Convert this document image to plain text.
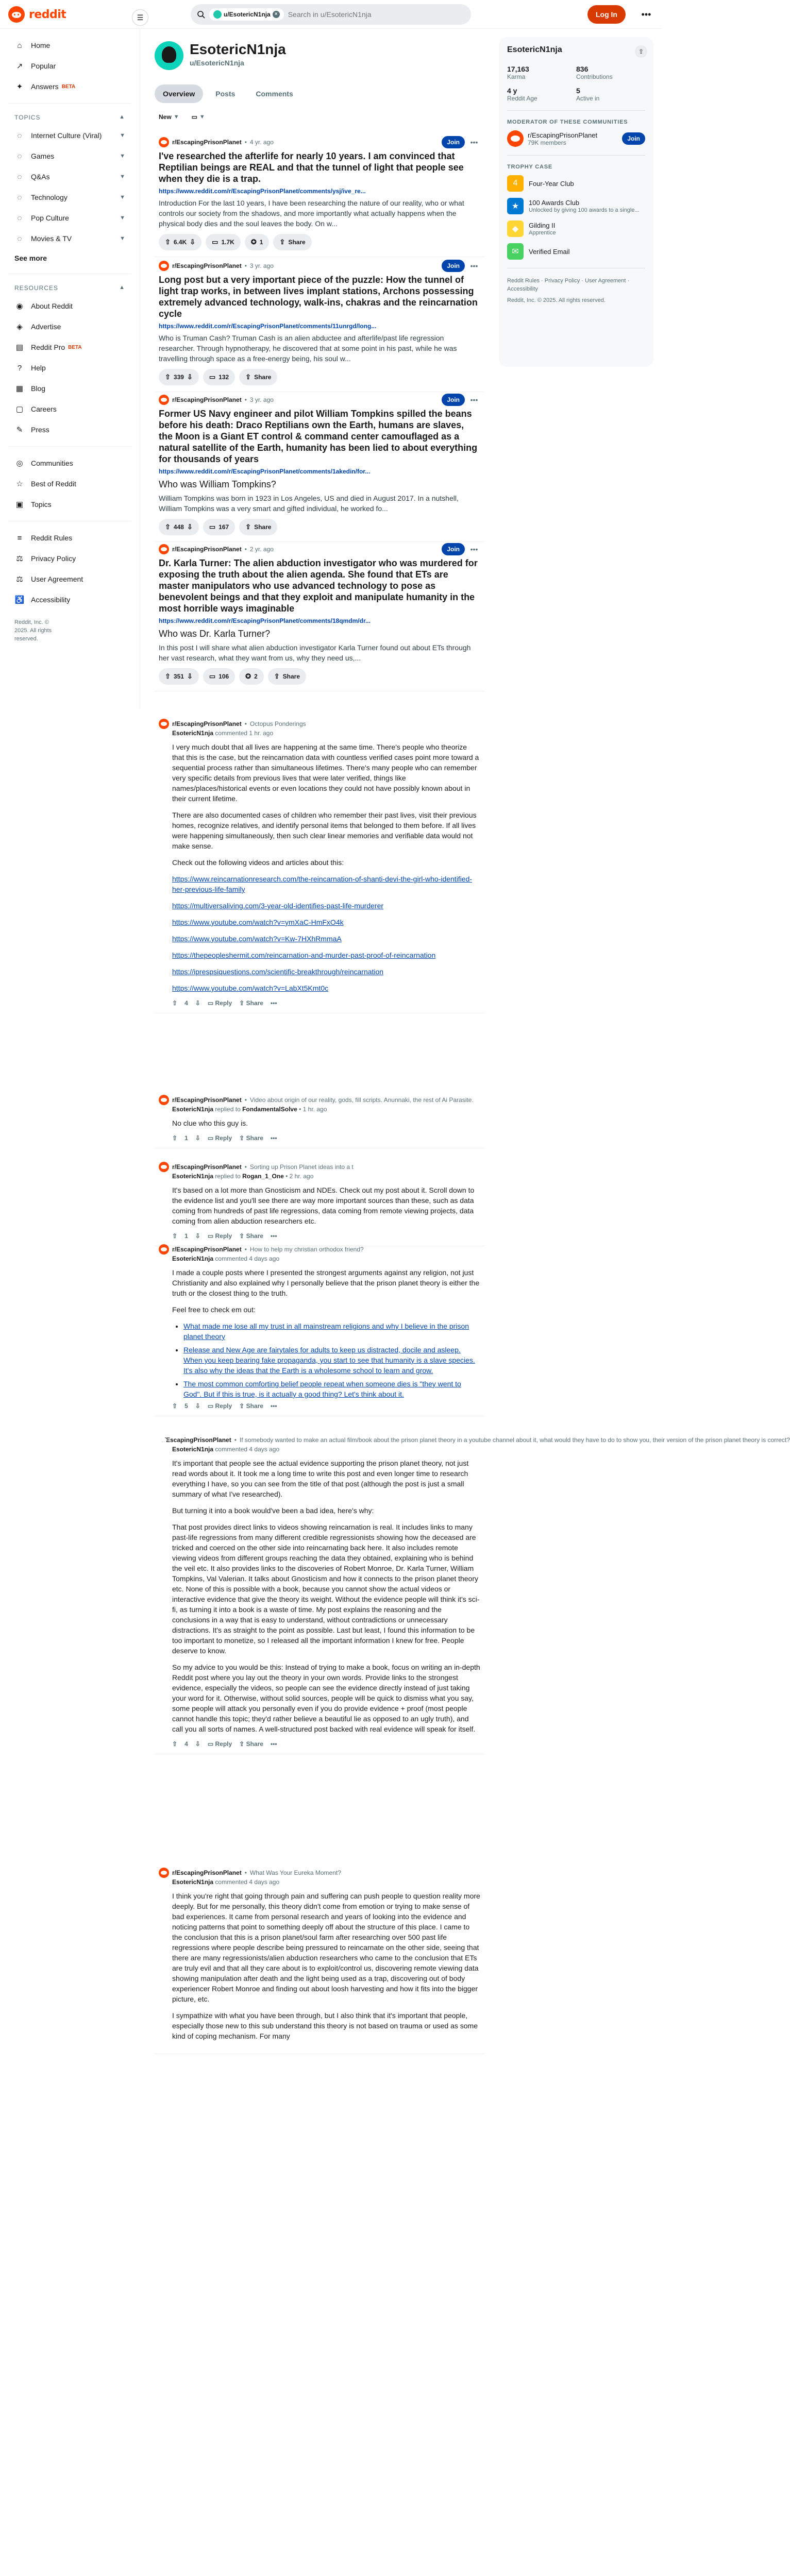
reddit	u/EsotericN1nja ×
Search in u/EsotericN1nja	Log In	•••
⌂	Home
↗ Popular
✦ Answers BETA
TOPICS	▲
◌	Internet Culture (Viral)	▼
◌	Games	▼
◌	Q&As	▼
◌	Technology	▼
◌	Pop Culture	▼
◌	Movies & TV	▼
See more
RESOURCES	▲
◉ About Reddit
◈	Advertise
▤ Reddit Pro BETA
?	Help
▦ Blog
▢ Careers
✎ Press
◎ Communities
☆ Best of Reddit
▣ Topics
≡	Reddit Rules
⚖ Privacy Policy
⚖ User Agreement
♿ Accessibility
Reddit, Inc. © 2025. All rights reserved.
☰
EsotericN1nja
u/EsotericN1nja
Overview	Posts	Comments
New ▼ ▭ ▼
r/EscapingPrisonPlanet • 4 yr. ago	Join	•••
I've researched the afterlife for nearly 10 years. I am convinced that Reptilian beings are REAL and that the tunnel of light that people see when they die is a trap.
https://www.reddit.com/r/EscapingPrisonPlanet/comments/ysj/ive_re...
Introduction For the last 10 years, I have been researching the nature of our reality, who or what controls our society from the shadows, and more importantly what actually happens when the physical body dies and the soul leaves the body. On w...
⇧ 6.4K ⇩ ▭ 1.7K ✪ 1 ⇪ Share
r/EscapingPrisonPlanet • 3 yr. ago	Join	•••
Long post but a very important piece of the puzzle: How the tunnel of light trap works, in between lives implant stations, Archons possessing extremely advanced technology, walk-ins, chakras and the reincarnation cycle
https://www.reddit.com/r/EscapingPrisonPlanet/comments/11unrgd/long...
Who is Truman Cash? Truman Cash is an alien abductee and afterlife/past life regression researcher. Through hypnotherapy, he discovered that at some point in his past, while he was travelling through space as a free-energy being, his soul w...
⇧ 339 ⇩ ▭ 132 ⇪ Share
r/EscapingPrisonPlanet • 3 yr. ago	Join	•••
Former US Navy engineer and pilot William Tompkins spilled the beans before his death: Draco Reptilians own the Earth, humans are slaves, the Moon is a Giant ET control & command center camouflaged as a natural satellite of the Earth, humanity has been lied to about everything for thousands of years
https://www.reddit.com/r/EscapingPrisonPlanet/comments/1akedin/for...
Who was William Tompkins?
William Tompkins was born in 1923 in Los Angeles, US and died in August 2017. In a nutshell, William Tompkins was a very smart and gifted individual, he worked fo...
⇧ 448 ⇩ ▭ 167 ⇪ Share
r/EscapingPrisonPlanet • 2 yr. ago	Join	•••
Dr. Karla Turner: The alien abduction investigator who was murdered for exposing the truth about the alien agenda. She found that ETs are master manipulators who use advanced technology to pose as benevolent beings and that they exploit and manipulate humanity in the most horrible ways imaginable
https://www.reddit.com/r/EscapingPrisonPlanet/comments/18qmdm/dr...
Who was Dr. Karla Turner?
In this post I will share what alien abduction investigator Karla Turner found out about ETs through her vast research, what they want from us, why they need us,...
⇧ 351 ⇩ ▭ 106 ✪ 2 ⇪ Share
r/EscapingPrisonPlanet • Octopus Ponderings
EsotericN1nja commented 1 hr. ago

I very much doubt that all lives are happening at the same time. There's people who theorize that this is the case, but the reincarnation data with countless verified cases point more toward a sequential process rather than simultaneous lifetimes. There's many people who can remember very specific details from previous lives that were later verified, things like names/places/historical events or even locations they could not have possibly known about in their current lifetime.

There are also documented cases of children who remember their past lives, visit their previous homes, recognize relatives, and identify personal items that belonged to them before. If all lives were happening simultaneously, then such clear linear memories and verifiable data would not make sense.

Check out the following videos and articles about this:

https://www.reincarnationresearch.com/the-reincarnation-of-shanti-devi-the-girl-who-identified-her-previous-life-family

https://multiversaliving.com/3-year-old-identifies-past-life-murderer

https://www.youtube.com/watch?v=ymXaC-HmFxO4k

https://www.youtube.com/watch?v=Kw-7HXhRmmaA

https://thepeopleshermit.com/reincarnation-and-murder-past-proof-of-reincarnation

https://iprespsiquestions.com/scientific-breakthrough/reincarnation

https://www.youtube.com/watch?v=LabXt5Kmt0c

⇧ 4 ⇩ ▭ Reply ⇪ Share •••
r/EscapingPrisonPlanet • Video about origin of our reality, gods, fill scripts. Anunnaki, the rest of Ai Parasite.
EsotericN1nja replied to FondamentalSolve • 1 hr. ago

No clue who this guy is.

⇧ 1 ⇩ ▭ Reply ⇪ Share •••
r/EscapingPrisonPlanet • Sorting up Prison Planet ideas into a t
EsotericN1nja replied to Rogan_1_One • 2 hr. ago

It's based on a lot more than Gnosticism and NDEs. Check out my post about it. Scroll down to the evidence list and you'll see there are way more important sources than these, such as data coming from hundreds of past life regressions, data coming from remote viewing projects, data coming from alien abduction researchers etc.

⇧ 1 ⇩ ▭ Reply ⇪ Share •••
r/EscapingPrisonPlanet • How to help my christian orthodox friend?
EsotericN1nja commented 4 days ago

I made a couple posts where I presented the strongest arguments against any religion, not just Christianity and also explained why I personally believe that the prison planet theory is either the truth or the closest thing to the truth.

Feel free to check em out:

• What made me lose all my trust in all mainstream religions and why I believe in the prison planet theory
• Release and New Age are fairytales for adults to keep us distracted, docile and asleep. When you keep bearing fake propaganda, you start to see that humanity is a slave species. It's also why the ideas that the Earth is a wholesome school to learn and grow.
• The most common comforting belief people repeat when someone dies is "they went to God". But if this is true, is it actually a good thing? Let's think about it.
⇧ 5 ⇩ ▭ Reply ⇪ Share •••
r/EscapingPrisonPlanet • If somebody wanted to make an actual film/book about the prison planet theory in a youtube channel about it, what would they have to do to show you, their version of the prison planet theory is correct?
EsotericN1nja commented 4 days ago

It's important that people see the actual evidence supporting the prison planet theory, not just read words about it. It took me a long time to write this post and even longer time to research everything I have, so you can see from the title of that post (although the post is just a small summary of what I've researched).

But turning it into a book would've been a bad idea, here's why:

That post provides direct links to videos showing reincarnation is real. It includes links to many past-life regressions from many different credible regressionists showing how the deceased are tricked and coerced on the other side into reincarnating back here. It also includes remote viewing videos from different groups reaching the data they obtained, explaining who is behind the veil etc. It also provides links to the discoveries of Robert Monroe, Dr. Karla Turner, William Tompkins, Val Valerian. It talks about Gnosticism and how it connects to the prison planet theory etc. None of this is possible with a book, because you cannot show the actual videos or interactive evidence that give the theory its weight. Without the evidence people will think it's sci-fi, as turning it into a book is a waste of time. My post explains the reasoning and the conclusions in a way that is easy to understand, without contradictions or unnecessary distractions. It's as straight to the point as possible. Last but least, I found this information to be too important to monetize, so I released all the important information I knew for free. People deserve to know.

So my advice to you would be this: Instead of trying to make a book, focus on writing an in-depth Reddit post where you lay out the theory in your own words. Provide links to the strongest evidence, especially the videos, so people can see the evidence directly instead of just taking your word for it. Otherwise, without solid sources, people will be quick to dismiss what you say, some people will attack you personally even if you do provide evidence + proof (most people cannot handle this topic; they'd rather believe a beautiful lie as opposed to an ugly truth), and call you all sorts of names. A well-structured post backed with real evidence will speak for itself.

⇧ 4 ⇩ ▭ Reply ⇪ Share •••
r/EscapingPrisonPlanet • What Was Your Eureka Moment?
EsotericN1nja commented 4 days ago

I think you're right that going through pain and suffering can push people to question reality more deeply. But for me personally, this theory didn't come from emotion or trying to make sense of bad experiences. It came from personal research and years of looking into the evidence and noticing patterns that point to something deeply off about the structure of this place. I came to the conclusion that this is a prison planet/soul farm after researching over 500 past life regressions where people describe being pressured to reincarnate on the other side, seeing that there are many regressionists/alien abduction researchers who came to the conclusion that ETs are truly evil and that all they care about is to exploit/control us, discovering remote viewing data showing manipulation after death and the light being used as a trap, discovering out of body experiencer Robert Monroe and finding out about loosh harvesting and how it fits into the bigger picture, etc.

I sympathize with what you have been through, but I also think that it's important that people, especially those new to this sub understand this theory is not based on trauma or used as some kind of coping mechanism. For many

EsotericN1nja	⇪
17,163
Karma
836
Contributions
4 y
Reddit Age
5
Active in
MODERATOR OF THESE COMMUNITIES
r/EscapingPrisonPlanet
79K members
Join
TROPHY CASE
4	Four-Year Club
★	100 Awards Club
Unlocked by giving 100 awards to a single...
◆	Gilding II
Apprentice
✉	Verified Email
Reddit Rules · Privacy Policy · User Agreement · Accessibility
Reddit, Inc. © 2025. All rights reserved.
